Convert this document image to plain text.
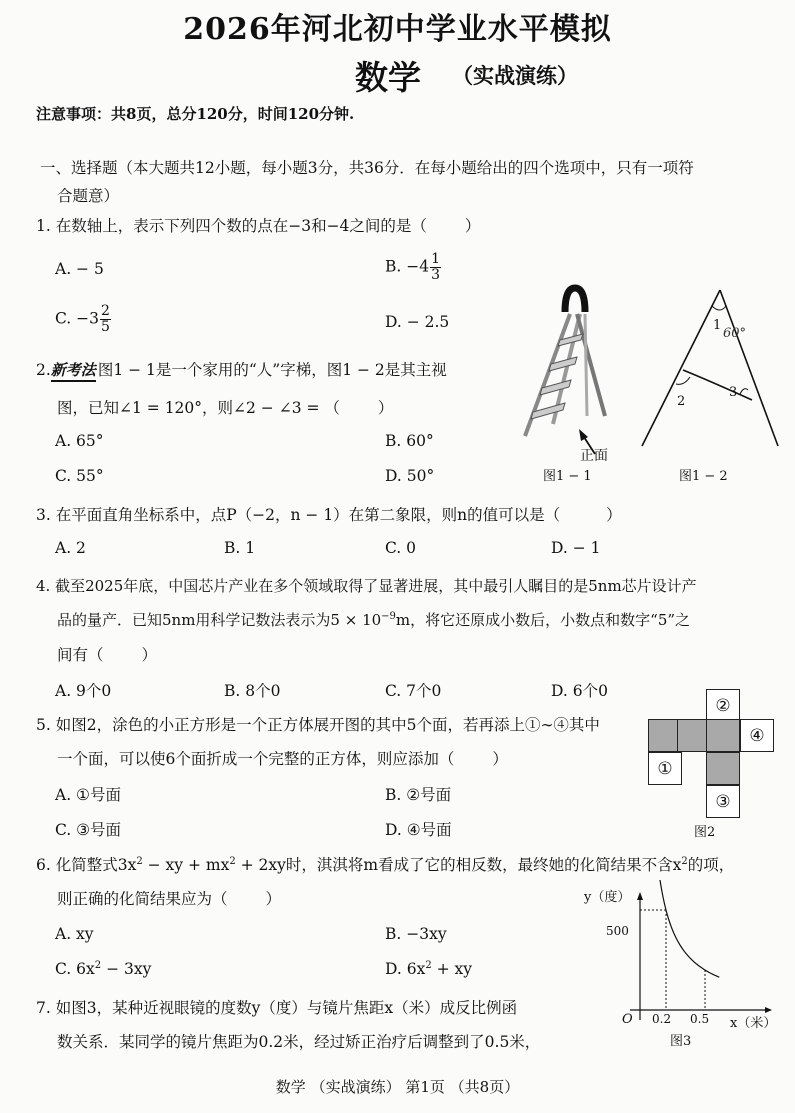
2026年河北初中学业水平模拟
数学 （实战演练）
注意事项：共8页，总分120分，时间120分钟.
一、选择题（本大题共12小题，每小题3分，共36分．在每小题给出的四个选项中，只有一项符
合题意）
1. 在数轴上，表示下列四个数的点在−3和−4之间的是（ ）
A. − 5	B. $-4 \frac{1}{3}$
C. $-3 \frac{2}{5}$	D. − 2.5
2.新考法 图1 − 1是一个家用的“人”字梯，图1 − 2是其主视
图，已知∠1 = 120°，则∠2 − ∠3 = （ ）
A. 65°	B. 60°
C. 55°	D. 50°
正面
图1 − 1
1
60°
2
3
图1 − 2
3. 在平面直角坐标系中，点P（−2，n − 1）在第二象限，则n的值可以是（	）
A. 2	B. 1	C. 0	D. − 1
4. 截至2025年底，中国芯片产业在多个领域取得了显著进展，其中最引人瞩目的是5nm芯片设计产
品的量产．已知5nm用科学记数法表示为$5 \times 10^{-9}m$，将它还原成小数后，小数点和数字“5”之
间有（ ）
A. 9个0	B. 8个0	C. 7个0	D. 6个0
5. 如图2，涂色的小正方形是一个正方体展开图的其中5个面，若再添上①∼④其中
一个面，可以使6个面折成一个完整的正方体，则应添加（ ）
A. ①号面	B. ②号面
C. ③号面	D. ④号面
②
④
①
③
图2
6. 化简整式$3x^2$ − xy + $mx^2 + 2xy$时，淇淇将m看成了它的相反数，最终她的化简结果不含$x^2$的项，
则正确的化简结果应为（ ）
A. xy	B. −3xy
C. $6x^2 - 3xy$	D. $6x^2$ + xy
7. 如图3，某种近视眼镜的度数y（度）与镜片焦距x（米）成反比例函
数关系．某同学的镜片焦距为0.2米，经过矫正治疗后调整到了0.5米，
y（度）
500
O 0.2 0.5 x（米）
图3
数学 （实战演练） 第1页 （共8页）
